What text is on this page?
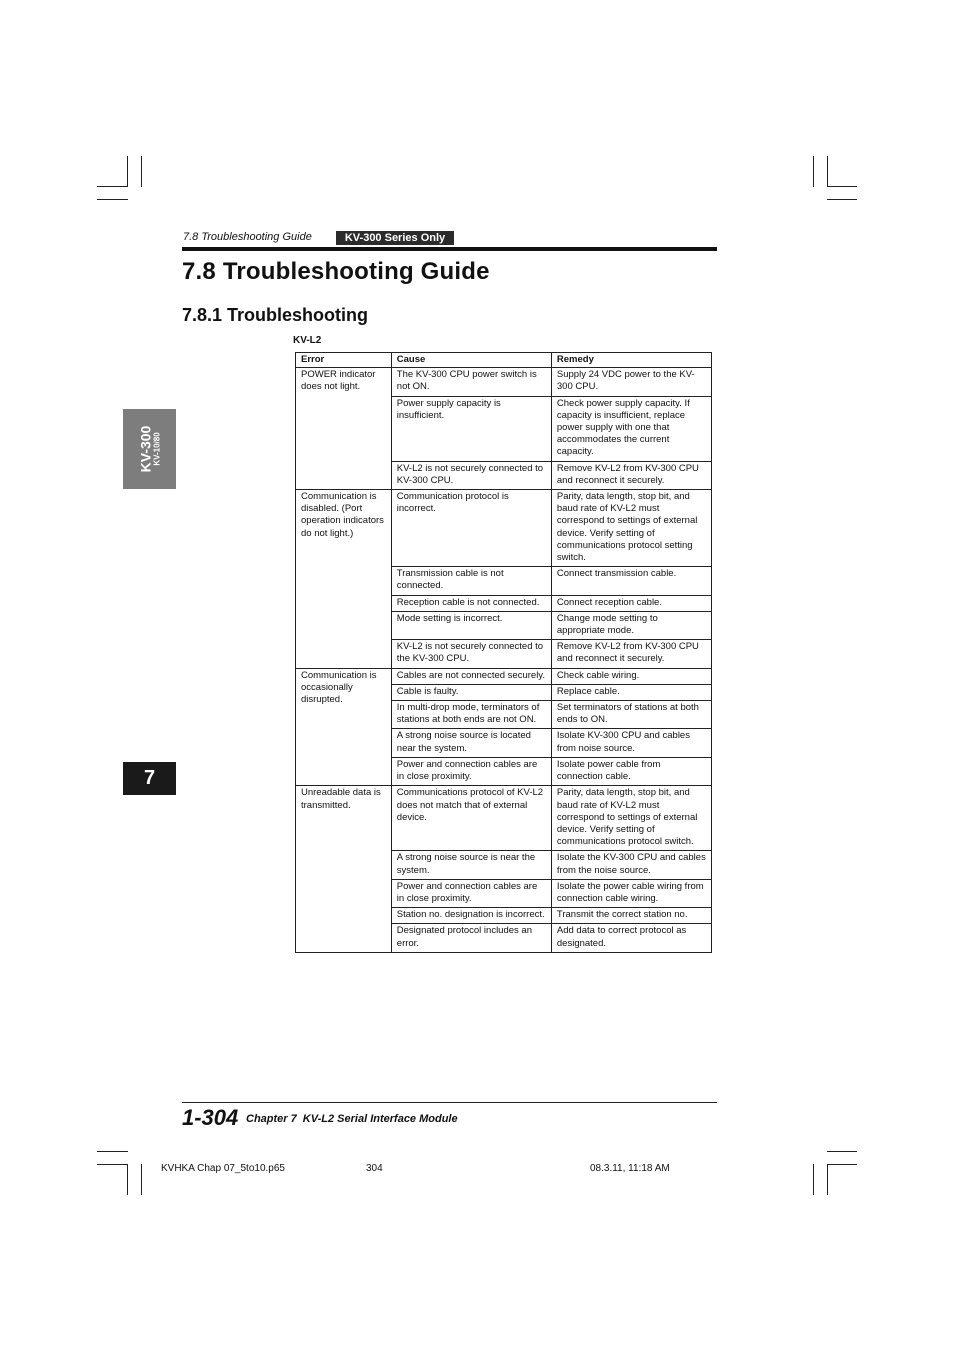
7.8 Troubleshooting Guide	KV-300 Series Only
7.8 Troubleshooting Guide
7.8.1 Troubleshooting
KV-L2
KV-300 KV-10/80
7
Error	Cause	Remedy
POWER indicator does not light.	The KV-300 CPU power switch is not ON.	Supply 24 VDC power to the KV-300 CPU.
	Power supply capacity is insufficient.	Check power supply capacity. If capacity is insufficient, replace power supply with one that accommodates the current capacity.
	KV-L2 is not securely connected to KV-300 CPU.	Remove KV-L2 from KV-300 CPU and reconnect it securely.
Communication is disabled. (Port operation indicators do not light.)	Communication protocol is incorrect.	Parity, data length, stop bit, and baud rate of KV-L2 must correspond to settings of external device. Verify setting of communications protocol setting switch.
	Transmission cable is not connected.	Connect transmission cable.
	Reception cable is not connected.	Connect reception cable.
	Mode setting is incorrect.	Change mode setting to appropriate mode.
	KV-L2 is not securely connected to the KV-300 CPU.	Remove KV-L2 from KV-300 CPU and reconnect it securely.
Communication is occasionally disrupted.	Cables are not connected securely.	Check cable wiring.
	Cable is faulty.	Replace cable.
	In multi-drop mode, terminators of stations at both ends are not ON.	Set terminators of stations at both ends to ON.
	A strong noise source is located near the system.	Isolate KV-300 CPU and cables from noise source.
	Power and connection cables are in close proximity.	Isolate power cable from connection cable.
Unreadable data is transmitted.	Communications protocol of KV-L2 does not match that of external device.	Parity, data length, stop bit, and baud rate of KV-L2 must correspond to settings of external device. Verify setting of communications protocol switch.
	A strong noise source is near the system.	Isolate the KV-300 CPU and cables from the noise source.
	Power and connection cables are in close proximity.	Isolate the power cable wiring from connection cable wiring.
	Station no. designation is incorrect.	Transmit the correct station no.
	Designated protocol includes an error.	Add data to correct protocol as designated.
1-304 Chapter 7 KV-L2 Serial Interface Module
KVHKA Chap 07_5to10.p65	304	08.3.11, 11:18 AM
